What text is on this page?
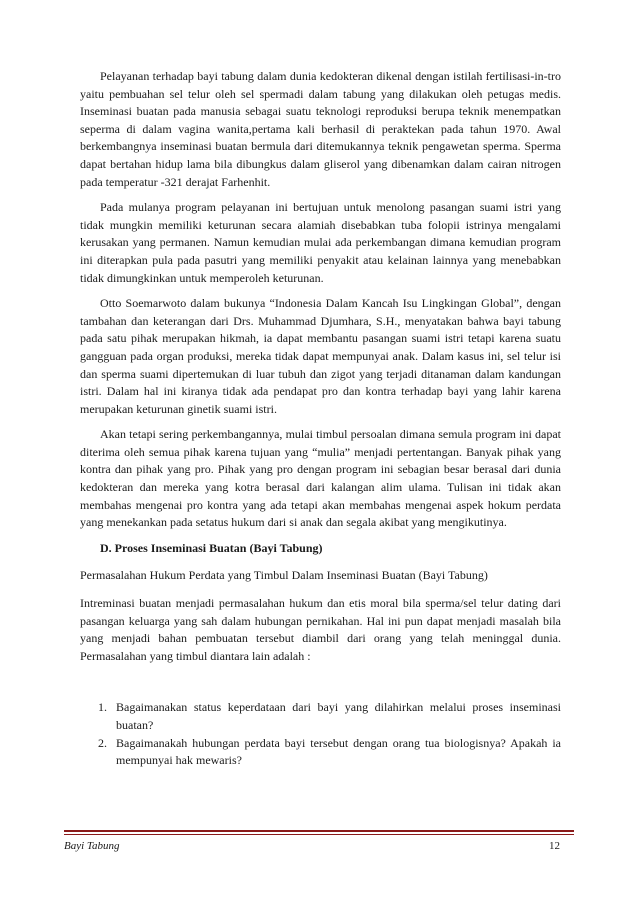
Pelayanan terhadap bayi tabung dalam dunia kedokteran dikenal dengan istilah fertilisasi-in-tro yaitu pembuahan sel telur oleh sel spermadi dalam tabung yang dilakukan oleh petugas medis. Inseminasi buatan pada manusia sebagai suatu teknologi reproduksi berupa teknik menempatkan seperma di dalam vagina wanita,pertama kali berhasil di peraktekan pada tahun 1970. Awal berkembangnya inseminasi buatan bermula dari ditemukannya teknik pengawetan sperma. Sperma dapat bertahan hidup lama bila dibungkus dalam gliserol yang dibenamkan dalam cairan nitrogen pada temperatur -321 derajat Farhenhit.

Pada mulanya program pelayanan ini bertujuan untuk menolong pasangan suami istri yang tidak mungkin memiliki keturunan secara alamiah disebabkan tuba folopii istrinya mengalami kerusakan yang permanen. Namun kemudian mulai ada perkembangan dimana kemudian program ini diterapkan pula pada pasutri yang memiliki penyakit atau kelainan lainnya yang menebabkan tidak dimungkinkan untuk memperoleh keturunan.

Otto Soemarwoto dalam bukunya “Indonesia Dalam Kancah Isu Lingkingan Global”, dengan tambahan dan keterangan dari Drs. Muhammad Djumhara, S.H., menyatakan bahwa bayi tabung pada satu pihak merupakan hikmah, ia dapat membantu pasangan suami istri tetapi karena suatu gangguan pada organ produksi, mereka tidak dapat mempunyai anak. Dalam kasus ini, sel telur isi dan sperma suami dipertemukan di luar tubuh dan zigot yang terjadi ditanaman dalam kandungan istri. Dalam hal ini kiranya tidak ada pendapat pro dan kontra terhadap bayi yang lahir karena merupakan keturunan ginetik suami istri.

Akan tetapi sering perkembangannya, mulai timbul persoalan dimana semula program ini dapat diterima oleh semua pihak karena tujuan yang “mulia” menjadi pertentangan. Banyak pihak yang kontra dan pihak yang pro. Pihak yang pro dengan program ini sebagian besar berasal dari dunia kedokteran dan mereka yang kotra berasal dari kalangan alim ulama. Tulisan ini tidak akan membahas mengenai pro kontra yang ada tetapi akan membahas mengenai aspek hokum perdata yang menekankan pada setatus hukum dari si anak dan segala akibat yang mengikutinya.

D. Proses Inseminasi Buatan (Bayi Tabung)

Permasalahan Hukum Perdata yang Timbul Dalam Inseminasi Buatan (Bayi Tabung)

Intreminasi buatan menjadi permasalahan hukum dan etis moral bila sperma/sel telur dating dari pasangan keluarga yang sah dalam hubungan pernikahan. Hal ini pun dapat menjadi masalah bila yang menjadi bahan pembuatan tersebut diambil dari orang yang telah meninggal dunia. Permasalahan yang timbul diantara lain adalah :

1. Bagaimanakan status keperdataan dari bayi yang dilahirkan melalui proses inseminasi buatan?
2. Bagaimanakah hubungan perdata bayi tersebut dengan orang tua biologisnya? Apakah ia mempunyai hak mewaris?
Bayi Tabung	12
